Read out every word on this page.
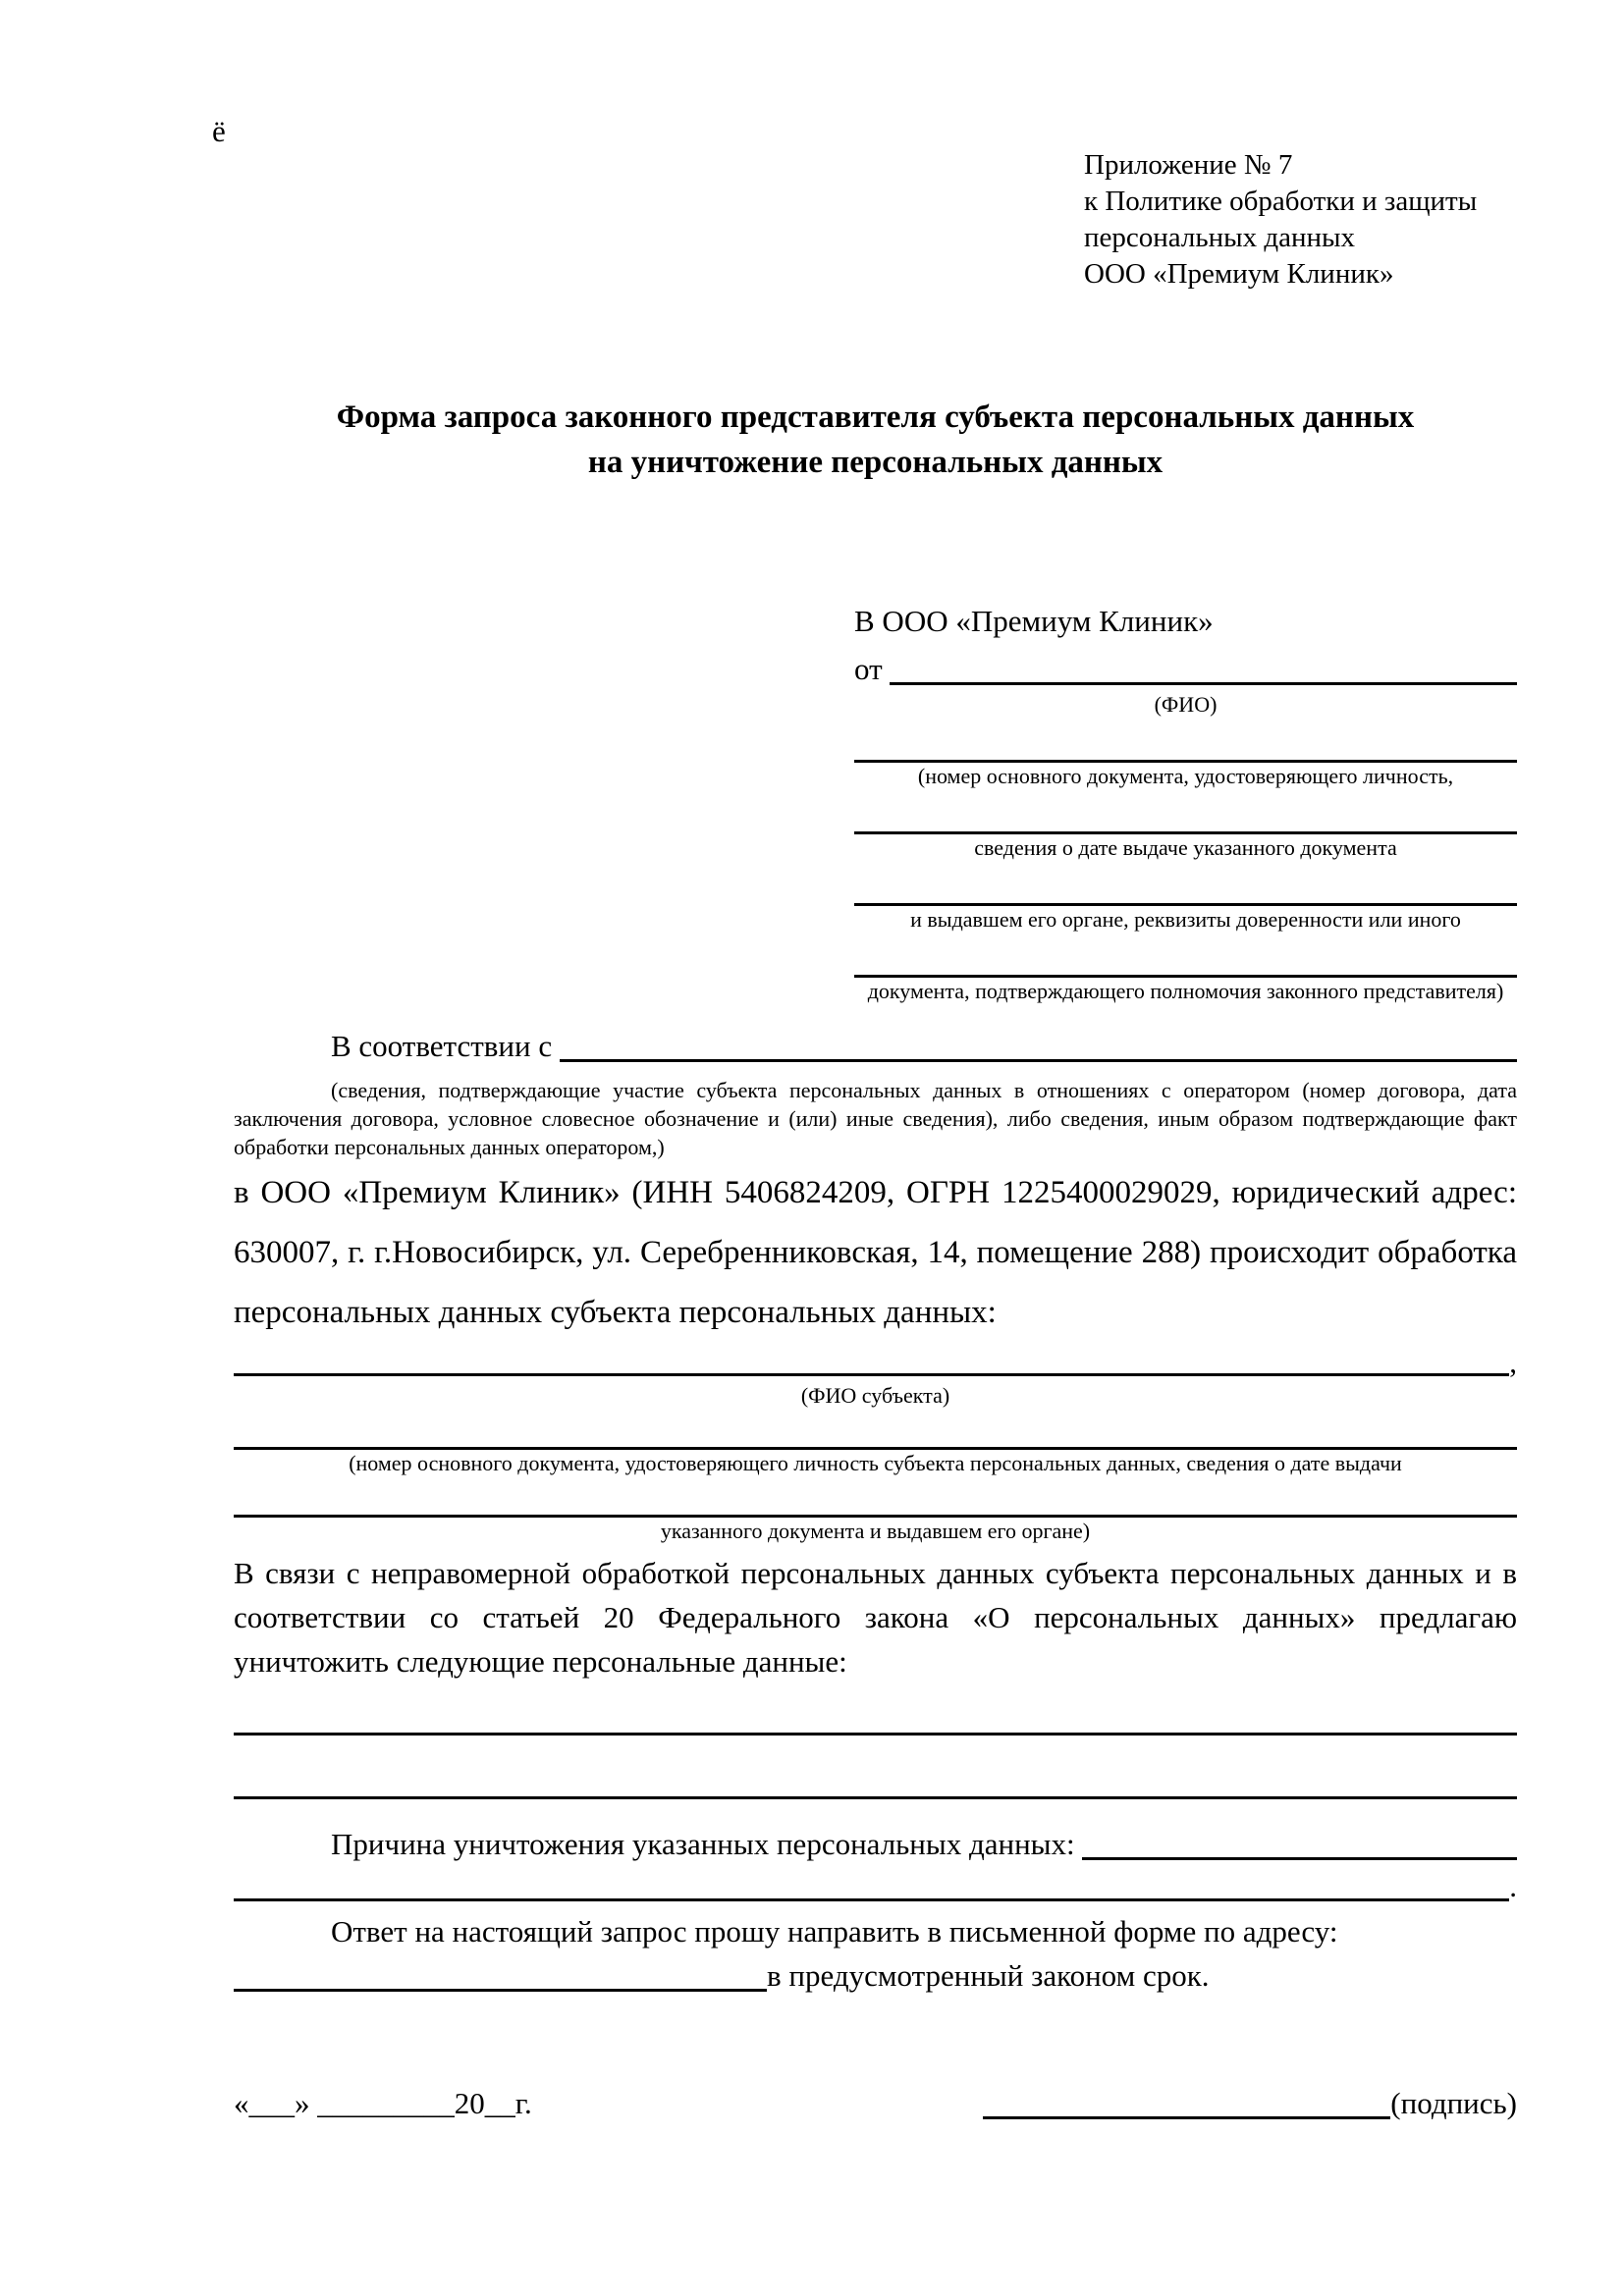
ё
Приложение № 7
к Политике обработки и защиты
персональных данных
ООО «Премиум Клиник»
Форма запроса законного представителя субъекта персональных данных
на уничтожение персональных данных
В ООО «Премиум Клиник»
от
(ФИО)
(номер основного документа, удостоверяющего личность,
сведения о дате выдаче указанного документа
и выдавшем его органе, реквизиты доверенности или иного
документа, подтверждающего полномочия законного представителя)
В соответствии с
(сведения, подтверждающие участие субъекта персональных данных в отношениях с оператором (номер договора, дата заключения договора, условное словесное обозначение и (или) иные сведения), либо сведения, иным образом подтверждающие факт обработки персональных данных оператором,)
в ООО «Премиум Клиник» (ИНН 5406824209, ОГРН 1225400029029, юридический адрес: 630007, г. г.Новосибирск, ул. Серебренниковская, 14, помещение 288) происходит обработка персональных данных субъекта персональных данных:
,
(ФИО субъекта)
(номер основного документа, удостоверяющего личность субъекта персональных данных, сведения о дате выдачи
указанного документа и выдавшем его органе)
В связи с неправомерной обработкой персональных данных субъекта персональных данных и в соответствии со статьей 20 Федерального закона «О персональных данных» предлагаю уничтожить следующие персональные данные:
Причина уничтожения указанных персональных данных:
.
Ответ на настоящий запрос прошу направить в письменной форме по адресу:
в предусмотренный законом срок.
«___» _________20__г.	(подпись)
